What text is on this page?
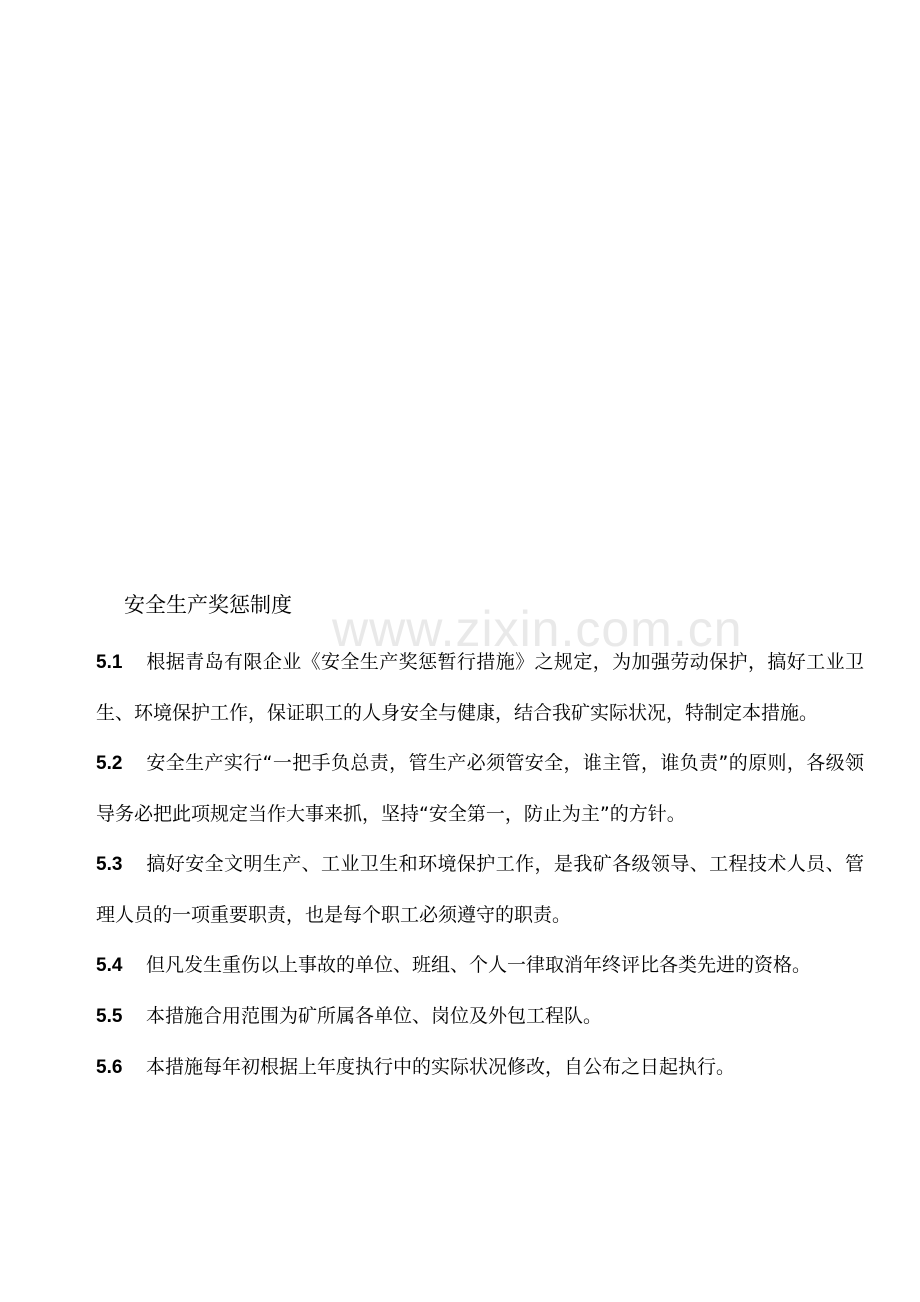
www.zixin.com.cn
安全生产奖惩制度

5.1 根据青岛有限企业《安全生产奖惩暂行措施》之规定，为加强劳动保护，搞好工业卫生、环境保护工作，保证职工的人身安全与健康，结合我矿实际状况，特制定本措施。

5.2 安全生产实行“一把手负总责，管生产必须管安全，谁主管，谁负责”的原则，各级领导务必把此项规定当作大事来抓，坚持“安全第一，防止为主”的方针。

5.3 搞好安全文明生产、工业卫生和环境保护工作，是我矿各级领导、工程技术人员、管理人员的一项重要职责，也是每个职工必须遵守的职责。

5.4 但凡发生重伤以上事故的单位、班组、个人一律取消年终评比各类先进的资格。

5.5 本措施合用范围为矿所属各单位、岗位及外包工程队。

5.6 本措施每年初根据上年度执行中的实际状况修改，自公布之日起执行。
